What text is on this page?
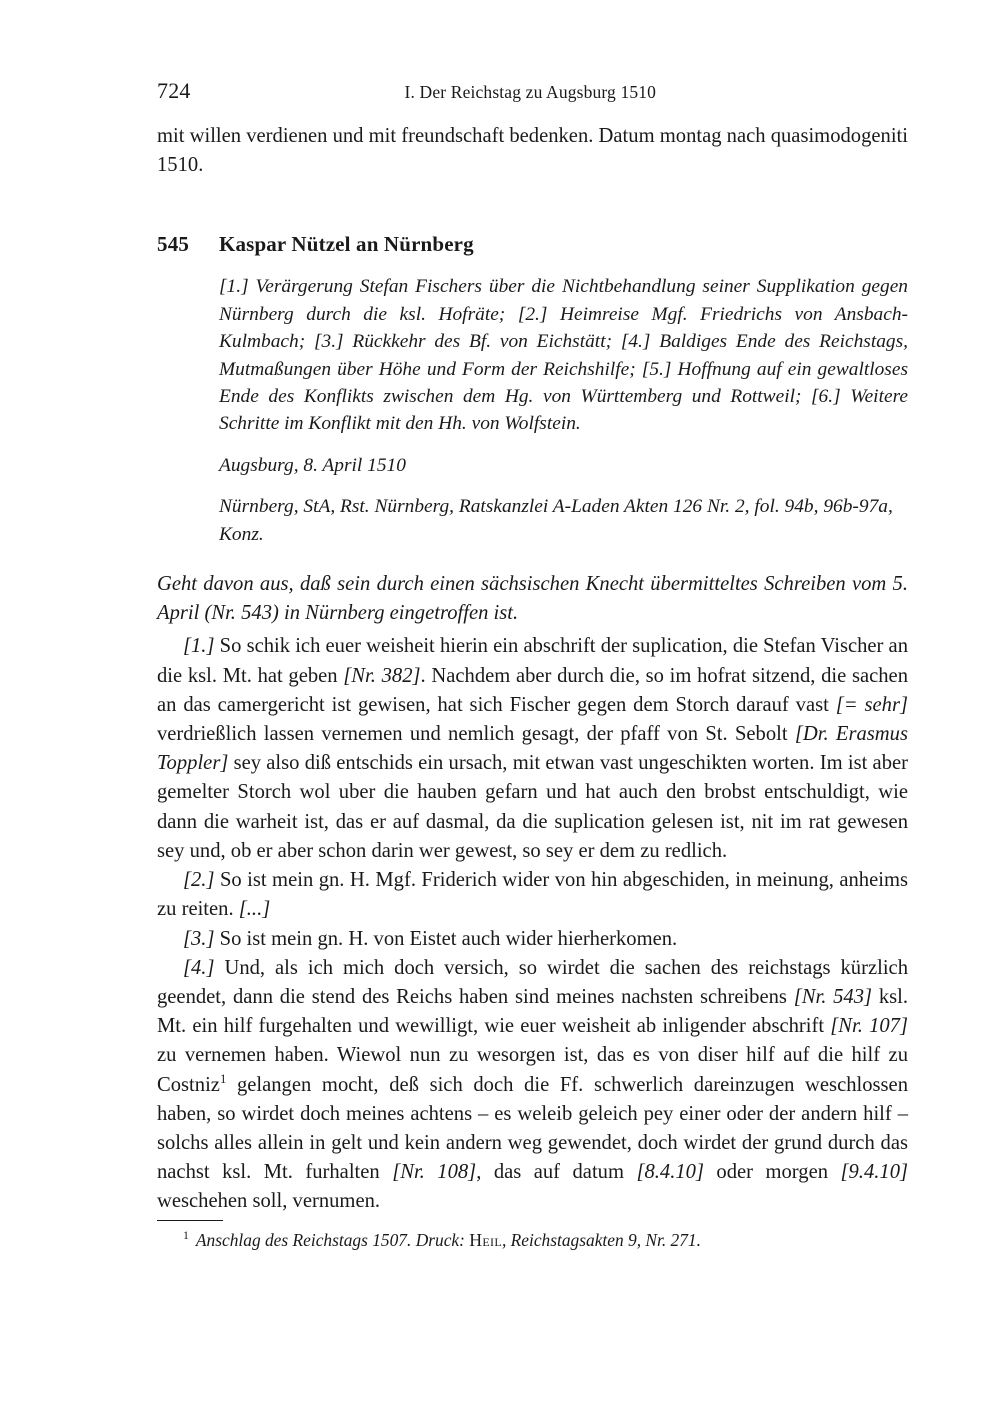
724	I. Der Reichstag zu Augsburg 1510

mit willen verdienen und mit freundschaft bedenken. Datum montag nach quasimodogeniti 1510.

545	Kaspar Nützel an Nürnberg

[1.] Verärgerung Stefan Fischers über die Nichtbehandlung seiner Supplikation gegen Nürnberg durch die ksl. Hofräte; [2.] Heimreise Mgf. Friedrichs von Ansbach-Kulmbach; [3.] Rückkehr des Bf. von Eichstätt; [4.] Baldiges Ende des Reichstags, Mutmaßungen über Höhe und Form der Reichshilfe; [5.] Hoffnung auf ein gewaltloses Ende des Konflikts zwischen dem Hg. von Württemberg und Rottweil; [6.] Weitere Schritte im Konflikt mit den Hh. von Wolfstein.

Augsburg, 8. April 1510

Nürnberg, StA, Rst. Nürnberg, Ratskanzlei A-Laden Akten 126 Nr. 2, fol. 94b, 96b-97a, Konz.

Geht davon aus, daß sein durch einen sächsischen Knecht übermitteltes Schreiben vom 5. April (Nr. 543) in Nürnberg eingetroffen ist.

[1.] So schik ich euer weisheit hierin ein abschrift der suplication, die Stefan Vischer an die ksl. Mt. hat geben [Nr. 382]. Nachdem aber durch die, so im hofrat sitzend, die sachen an das camergericht ist gewisen, hat sich Fischer gegen dem Storch darauf vast [= sehr] verdrießlich lassen vernemen und nemlich gesagt, der pfaff von St. Sebolt [Dr. Erasmus Toppler] sey also diß entschids ein ursach, mit etwan vast ungeschikten worten. Im ist aber gemelter Storch wol uber die hauben gefarn und hat auch den brobst entschuldigt, wie dann die warheit ist, das er auf dasmal, da die suplication gelesen ist, nit im rat gewesen sey und, ob er aber schon darin wer gewest, so sey er dem zu redlich.

[2.] So ist mein gn. H. Mgf. Friderich wider von hin abgeschiden, in meinung, anheims zu reiten. [...]

[3.] So ist mein gn. H. von Eistet auch wider hierherkomen.

[4.] Und, als ich mich doch versich, so wirdet die sachen des reichstags kürzlich geendet, dann die stend des Reichs haben sind meines nachsten schreibens [Nr. 543] ksl. Mt. ein hilf furgehalten und wewilligt, wie euer weisheit ab inligender abschrift [Nr. 107] zu vernemen haben. Wiewol nun zu wesorgen ist, das es von diser hilf auf die hilf zu Costniz$^1$ gelangen mocht, deß sich doch die Ff. schwerlich dareinzugen weschlossen haben, so wirdet doch meines achtens – es weleib geleich pey einer oder der andern hilf – solchs alles allein in gelt und kein andern weg gewendet, doch wirdet der grund durch das nachst ksl. Mt. furhalten [Nr. 108], das auf datum [8.4.10] oder morgen [9.4.10] weschehen soll, vernumen.

$^1$ Anschlag des Reichstags 1507. Druck: Heil, Reichstagsakten 9, Nr. 271.
